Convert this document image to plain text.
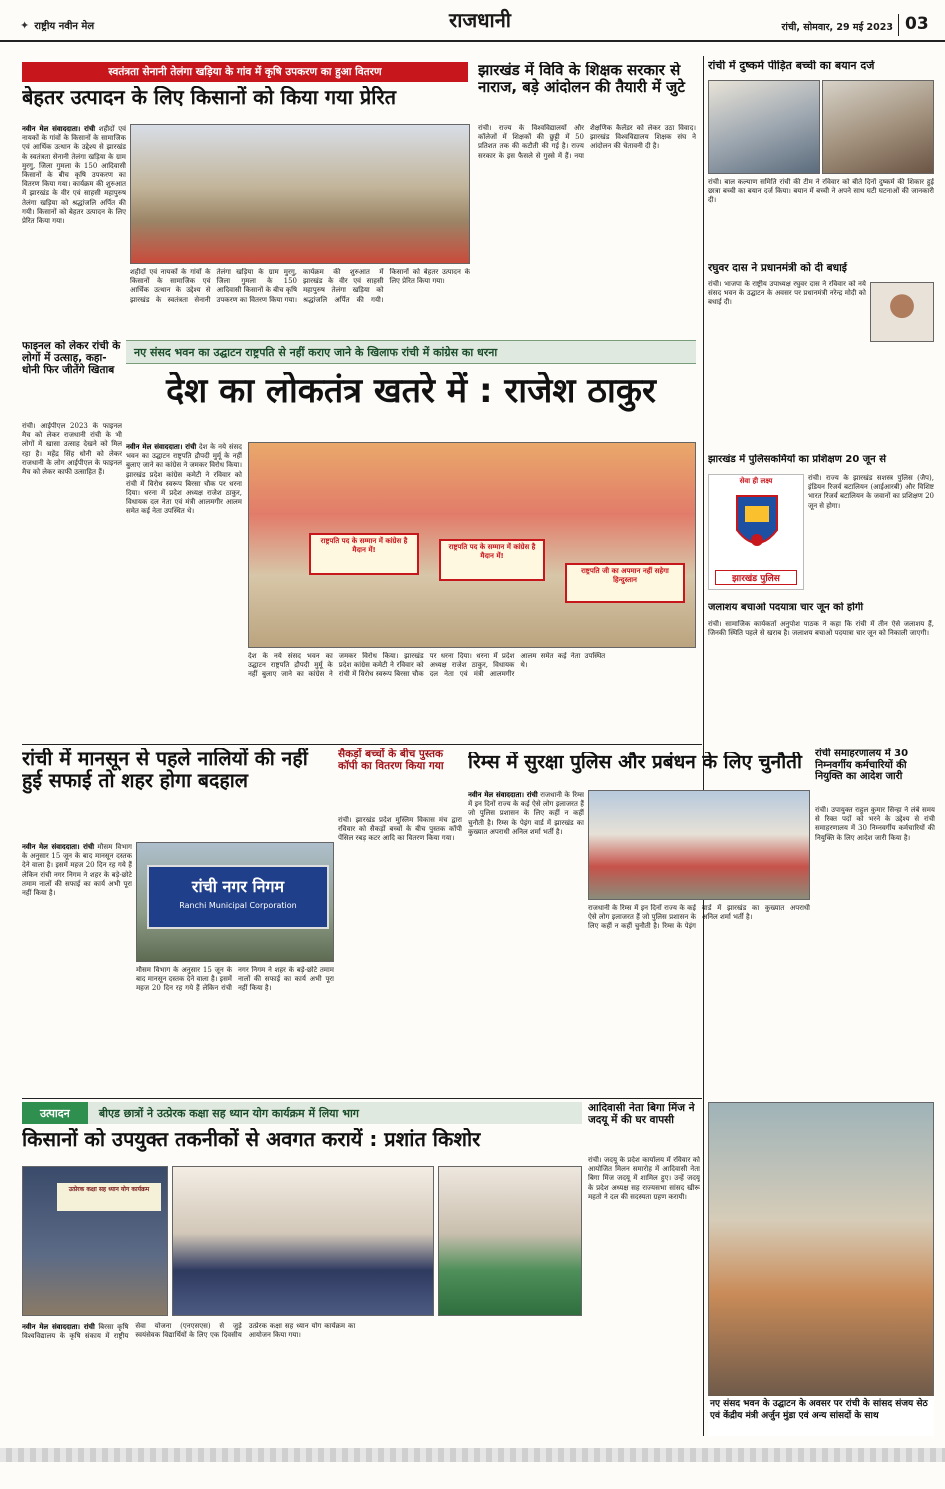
✦ राष्ट्रीय नवीन मेल	राजधानी	रांची, सोमवार, 29 मई 2023 03
स्वतंत्रता सेनानी तेलंगा खड़िया के गांव में कृषि उपकरण का हुआ वितरण
बेहतर उत्पादन के लिए किसानों को किया गया प्रेरित
नवीन मेल संवाददाता। रांची शहीदों एवं नायकों के गांवों के किसानों के सामाजिक एवं आर्थिक उत्थान के उद्देश्य से झारखंड के स्वतंत्रता सेनानी तेलंगा खड़िया के ग्राम मुरगु, जिला गुमला के 150 आदिवासी किसानों के बीच कृषि उपकरण का वितरण किया गया। कार्यक्रम की शुरुआत में झारखंड के वीर एवं साहसी महापुरुष तेलंगा खड़िया को श्रद्धांजलि अर्पित की गयी। किसानों को बेहतर उत्पादन के लिए प्रेरित किया गया।
शहीदों एवं नायकों के गांवों के किसानों के सामाजिक एवं आर्थिक उत्थान के उद्देश्य से झारखंड के स्वतंत्रता सेनानी तेलंगा खड़िया के ग्राम मुरगु, जिला गुमला के 150 आदिवासी किसानों के बीच कृषि उपकरण का वितरण किया गया। कार्यक्रम की शुरुआत में झारखंड के वीर एवं साहसी महापुरुष तेलंगा खड़िया को श्रद्धांजलि अर्पित की गयी। किसानों को बेहतर उत्पादन के लिए प्रेरित किया गया।
झारखंड में विवि के शिक्षक सरकार से नाराज, बड़े आंदोलन की तैयारी में जुटे
रांची। राज्य के विश्वविद्यालयों और कॉलेजों में शिक्षकों की छुट्टी में 50 प्रतिशत तक की कटौती की गई है। राज्य सरकार के इस फैसले से गुस्से में हैं। नया शैक्षणिक कैलेंडर को लेकर उठा विवाद। झारखंड विश्वविद्यालय शिक्षक संघ ने आंदोलन की चेतावनी दी है।
रांची में दुष्कर्म पीड़ित बच्ची का बयान दर्ज
रांची। बाल कल्याण समिति रांची की टीम ने रविवार को बीते दिनों दुष्कर्म की शिकार हुई छात्रा बच्ची का बयान दर्ज किया। बयान में बच्ची ने अपने साथ घटी घटनाओं की जानकारी दी।
रघुवर दास ने प्रधानमंत्री को दी बधाई
रांची। भाजपा के राष्ट्रीय उपाध्यक्ष रघुवर दास ने रविवार को नये संसद भवन के उद्घाटन के अवसर पर प्रधानमंत्री नरेन्द्र मोदी को बधाई दी।
झारखंड में पुलिसकर्मियों का प्रशिक्षण 20 जून से
सेवा ही लक्ष्य
झारखंड पुलिस
रांची। राज्य के झारखंड सशस्त्र पुलिस (जैप), इंडियन रिजर्व बटालियन (आईआरबी) और विशिष्ट भारत रिजर्व बटालियन के जवानों का प्रशिक्षण 20 जून से होगा।
जलाशय बचाओ पदयात्रा चार जून को होगी
रांची। सामाजिक कार्यकर्ता अनुपोश पाठक ने कहा कि रांची में तीन ऐसे जलाशय हैं, जिनकी स्थिति पहले से खराब है। जलाशय बचाओ पदयात्रा चार जून को निकाली जाएगी।
फाइनल को लेकर रांची के लोगों में उत्साह, कहा- धोनी फिर जीतेंगे खिताब
रांची। आईपीएल 2023 के फाइनल मैच को लेकर राजधानी रांची के भी लोगों में खासा उत्साह देखने को मिल रहा है। महेंद्र सिंह धोनी को लेकर राजधानी के लोग आईपीएल के फाइनल मैच को लेकर काफी उत्साहित हैं।
नए संसद भवन का उद्घाटन राष्ट्रपति से नहीं कराए जाने के खिलाफ रांची में कांग्रेस का धरना
देश का लोकतंत्र खतरे में : राजेश ठाकुर
नवीन मेल संवाददाता। रांची देश के नये संसद भवन का उद्घाटन राष्ट्रपति द्रौपदी मुर्मू के नहीं बुलाए जाने का कांग्रेस ने जमकर विरोध किया। झारखंड प्रदेश कांग्रेस कमेटी ने रविवार को रांची में विरोध स्वरूप बिरसा चौक पर धरना दिया। धरना में प्रदेश अध्यक्ष राजेश ठाकुर, विधायक दल नेता एवं मंत्री आलमगीर आलम समेत कई नेता उपस्थित थे।
राष्ट्रपति पद के सम्मान में कांग्रेस है मैदान में!	राष्ट्रपति पद के सम्मान में कांग्रेस है मैदान में!
राष्ट्रपति जी का अपमान नहीं सहेगा हिन्दुस्तान
देश के नये संसद भवन का उद्घाटन राष्ट्रपति द्रौपदी मुर्मू के नहीं बुलाए जाने का कांग्रेस ने जमकर विरोध किया। झारखंड प्रदेश कांग्रेस कमेटी ने रविवार को रांची में विरोध स्वरूप बिरसा चौक पर धरना दिया। धरना में प्रदेश अध्यक्ष राजेश ठाकुर, विधायक दल नेता एवं मंत्री आलमगीर आलम समेत कई नेता उपस्थित थे।
रांची में मानसून से पहले नालियों की नहीं हुई सफाई तो शहर होगा बदहाल
नवीन मेल संवाददाता। रांची मौसम विभाग के अनुसार 15 जून के बाद मानसून दस्तक देने वाला है। इसमें महज 20 दिन रह गये हैं लेकिन रांची नगर निगम ने शहर के बड़े-छोटे तमाम नालों की सफाई का कार्य अभी पूरा नहीं किया है।	रांची नगर निगम
Ranchi Municipal Corporation
मौसम विभाग के अनुसार 15 जून के बाद मानसून दस्तक देने वाला है। इसमें महज 20 दिन रह गये हैं लेकिन रांची नगर निगम ने शहर के बड़े-छोटे तमाम नालों की सफाई का कार्य अभी पूरा नहीं किया है।
सैकड़ों बच्चों के बीच पुस्तक कॉपी का वितरण किया गया
रांची। झारखंड प्रदेश मुस्लिम विकास मंच द्वारा रविवार को सैकड़ों बच्चों के बीच पुस्तक कॉपी पेंसिल रबड़ कटर आदि का वितरण किया गया।
रिम्स में सुरक्षा पुलिस और प्रबंधन के लिए चुनौती
नवीन मेल संवाददाता। रांची राजधानी के रिम्स में इन दिनों राज्य के कई ऐसे लोग इलाजरत हैं जो पुलिस प्रशासन के लिए कहीं न कहीं चुनौती है। रिम्स के पेइंग वार्ड में झारखंड का कुख्यात अपराधी अनिल शर्मा भर्ती है।
राजधानी के रिम्स में इन दिनों राज्य के कई ऐसे लोग इलाजरत हैं जो पुलिस प्रशासन के लिए कहीं न कहीं चुनौती है। रिम्स के पेइंग वार्ड में झारखंड का कुख्यात अपराधी अनिल शर्मा भर्ती है।
रांची समाहरणालय में 30 निम्नवर्गीय कर्मचारियों की नियुक्ति का आदेश जारी
रांची। उपायुक्त राहुल कुमार सिन्हा ने लंबे समय से रिक्त पदों को भरने के उद्देश्य से रांची समाहरणालय में 30 निम्नवर्गीय कर्मचारियों की नियुक्ति के लिए आदेश जारी किया है।
उत्पादन	बीएड छात्रों ने उत्प्रेरक कक्षा सह ध्यान योग कार्यक्रम में लिया भाग
किसानों को उपयुक्त तकनीकों से अवगत करायें : प्रशांत किशोर
उत्प्रेरक कक्षा सह ध्यान योग कार्यक्रम
नवीन मेल संवाददाता। रांची बिरसा कृषि विश्वविद्यालय के कृषि संकाय में राष्ट्रीय सेवा योजना (एनएसएस) से जुड़े स्वयंसेवक विद्यार्थियों के लिए एक दिवसीय उत्प्रेरक कक्षा सह ध्यान योग कार्यक्रम का आयोजन किया गया।
आदिवासी नेता बिगा मिंज ने जदयू में की घर वापसी
रांची। जदयू के प्रदेश कार्यालय में रविवार को आयोजित मिलन समारोह में आदिवासी नेता बिगा मिंज जदयू में शामिल हुए। उन्हें जदयू के प्रदेश अध्यक्ष सह राज्यसभा सांसद खीरू महतो ने दल की सदस्यता ग्रहण करायी।
नए संसद भवन के उद्घाटन के अवसर पर रांची के सांसद संजय सेठ एवं केंद्रीय मंत्री अर्जुन मुंडा एवं अन्य सांसदों के साथ
